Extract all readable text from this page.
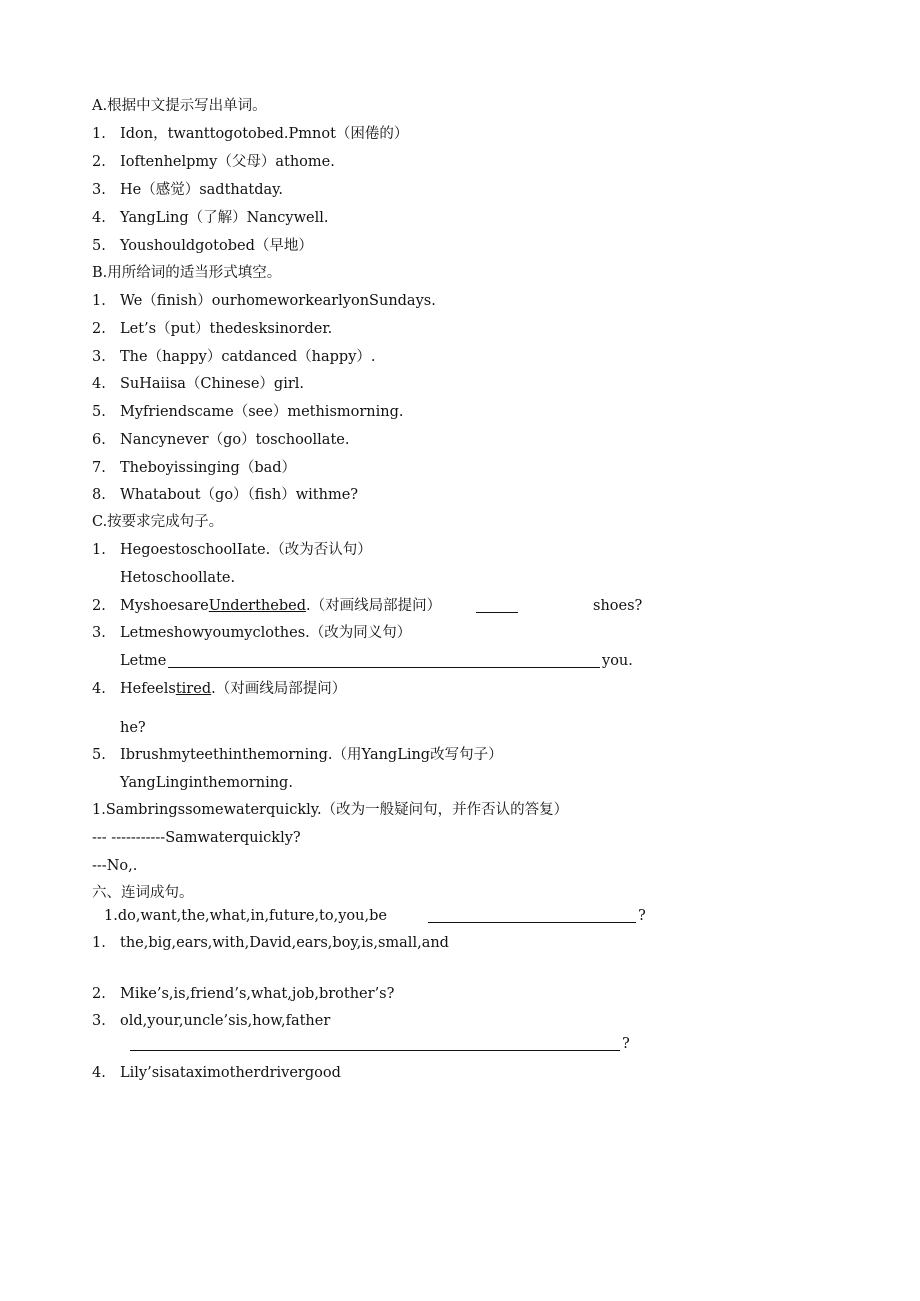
A.根据中文提示写出单词。
1. Idon，twanttogotobed.Pmnot（困倦的）
2. Ioftenhelpmy（父母）athome.
3. He（感觉）sadthatday.
4. YangLing（了解）Nancywell.
5. Youshouldgotobed（早地）
B.用所给词的适当形式填空。
1. We（finish）ourhomeworkearlyonSundays.
2. Let’s（put）thedesksinorder.
3. The（happy）catdanced（happy）.
4. SuHaiisa（Chinese）girl.
5. Myfriendscame（see）methismorning.
6. Nancynever（go）toschoollate.
7. Theboyissinging（bad）
8. Whatabout（go）（fish）withme?
C.按要求完成句子。
1. HegoestoschoolIate.（改为否认句）
Hetoschoollate.
2. MyshoesareUnderthebed.（对画线局部提问）	shoes?
3. Letmeshowyoumyclothes.（改为同义句）
Letme	you.
4. Hefeelstired.（对画线局部提问）
he?
5. Ibrushmyteethinthemorning.（用YangLing改写句子）
YangLinginthemorning.
1.Sambringssomewaterquickly.（改为一般疑问句，并作否认的答复）
--- -----------Samwaterquickly?
---No,.
六、连词成句。
1.do,want,the,what,in,future,to,you,be	?
1. the,big,ears,with,David,ears,boy,is,small,and
2. Mike’s,is,friend’s,what,job,brother’s?
3. old,your,uncle’sis,how,father
?
4. Lily’sisataximotherdrivergood
